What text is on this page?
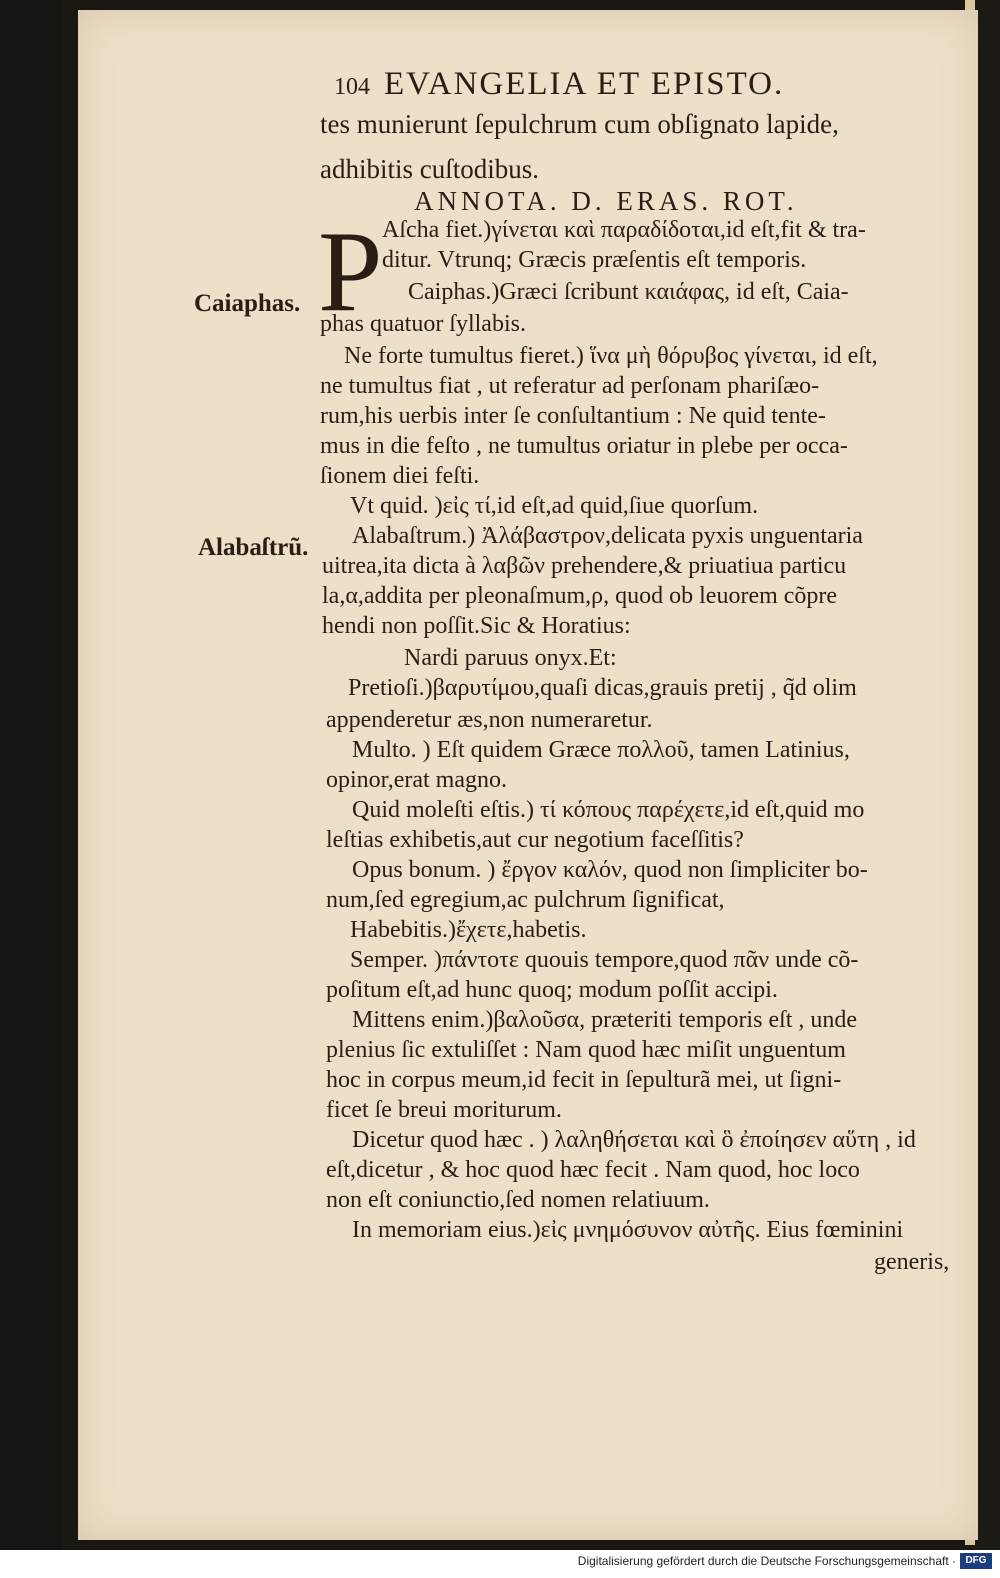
104 EVANGELIA ET EPISTO.
ANNOTA. D. ERAS. ROT.
P
Caiaphas.
Alabaſtrũ.
tes munierunt ſepulchrum cum obſignato lapide,
adhibitis cuſtodibus.
Aſcha fiet.)γίνεται καὶ παραδίδοται,id eſt,fit & tra-
ditur. Vtrunq; Græcis præſentis eſt temporis.
Caiphas.)Græci ſcribunt καιάφας, id eſt, Caia-
phas quatuor ſyllabis.
Ne forte tumultus fieret.) ἵνα μὴ θόρυβος γίνεται, id eſt,
ne tumultus fiat , ut referatur ad perſonam phariſæo-
rum,his uerbis inter ſe conſultantium : Ne quid tente-
mus in die feſto , ne tumultus oriatur in plebe per occa-
ſionem diei feſti.
Vt quid. )εἰς τί,id eſt,ad quid,ſiue quorſum.
Alabaſtrum.) Ἀλάβαστρον,delicata pyxis unguentaria
uitrea,ita dicta à λαβῶν prehendere,& priuatiua particu
la,α,addita per pleonaſmum,ρ, quod ob leuorem cõpre
hendi non poſſit.Sic & Horatius:
Nardi paruus onyx.Et:
Pretioſi.)βαρυτίμου,quaſi dicas,grauis pretij , q̃d olim
appenderetur æs,non numeraretur.
Multo. ) Eſt quidem Græce πολλοῦ, tamen Latinius,
opinor,erat magno.
Quid moleſti eſtis.) τί κόπους παρέχετε,id eſt,quid mo
leſtias exhibetis,aut cur negotium faceſſitis?
Opus bonum. ) ἔργον καλόν, quod non ſimpliciter bo-
num,ſed egregium,ac pulchrum ſignificat,
Habebitis.)ἔχετε,habetis.
Semper. )πάντοτε quouis tempore,quod πᾶν unde cõ-
poſitum eſt,ad hunc quoq; modum poſſit accipi.
Mittens enim.)βαλοῦσα, præteriti temporis eſt , unde
plenius ſic extuliſſet : Nam quod hæc miſit unguentum
hoc in corpus meum,id fecit in ſepulturã mei, ut ſigni-
ficet ſe breui moriturum.
Dicetur quod hæc . ) λαληθήσεται καὶ ὃ ἐποίησεν αὕτη , id
eſt,dicetur , & hoc quod hæc fecit . Nam quod, hoc loco
non eſt coniunctio,ſed nomen relatiuum.
In memoriam eius.)εἰς μνημόσυνον αὐτῆς. Eius fœminini
generis,
Digitalisierung gefördert durch die Deutsche Forschungsgemeinschaft · DFG
